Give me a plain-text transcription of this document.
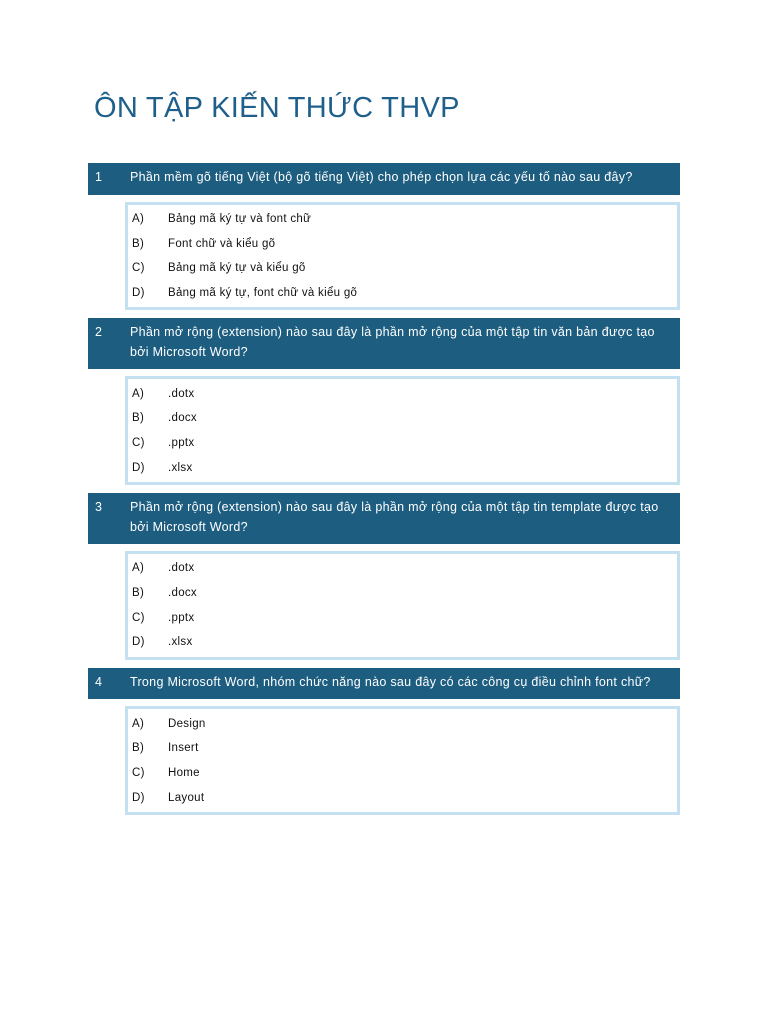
ÔN TẬP KIẾN THỨC THVP
1	Phần mềm gõ tiếng Việt (bộ gõ tiếng Việt) cho phép chọn lựa các yếu tố nào sau đây?
A)	Bảng mã ký tự và font chữ
B)	Font chữ và kiểu gõ
C)	Bảng mã ký tự và kiểu gõ
D)	Bảng mã ký tự, font chữ và kiểu gõ
2	Phần mở rộng (extension) nào sau đây là phần mở rộng của một tập tin văn bản được tạo bởi Microsoft Word?
A)	.dotx
B)	.docx
C)	.pptx
D)	.xlsx
3	Phần mở rộng (extension) nào sau đây là phần mở rộng của một tập tin template được tạo bởi Microsoft Word?
A)	.dotx
B)	.docx
C)	.pptx
D)	.xlsx
4	Trong Microsoft Word, nhóm chức năng nào sau đây có các công cụ điều chỉnh font chữ?
A)	Design
B)	Insert
C)	Home
D)	Layout
